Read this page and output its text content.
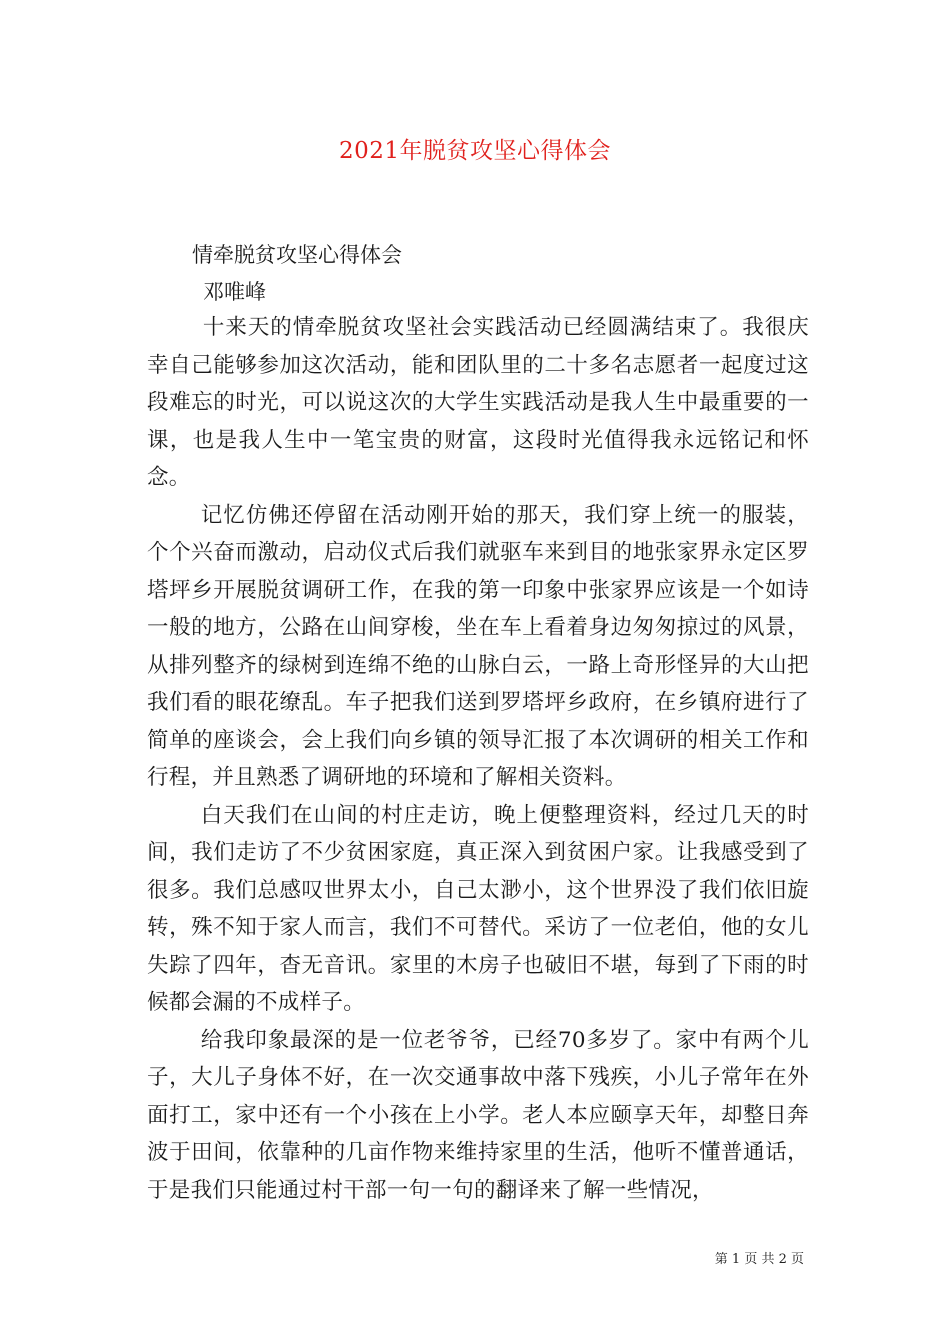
2021年脱贫攻坚心得体会
情牵脱贫攻坚心得体会
邓唯峰

十来天的情牵脱贫攻坚社会实践活动已经圆满结束了。我很庆幸自己能够参加这次活动，能和团队里的二十多名志愿者一起度过这段难忘的时光，可以说这次的大学生实践活动是我人生中最重要的一课，也是我人生中一笔宝贵的财富，这段时光值得我永远铭记和怀念。

记忆仿佛还停留在活动刚开始的那天，我们穿上统一的服装，个个兴奋而激动，启动仪式后我们就驱车来到目的地张家界永定区罗塔坪乡开展脱贫调研工作，在我的第一印象中张家界应该是一个如诗一般的地方，公路在山间穿梭，坐在车上看着身边匆匆掠过的风景，从排列整齐的绿树到连绵不绝的山脉白云，一路上奇形怪异的大山把我们看的眼花缭乱。车子把我们送到罗塔坪乡政府，在乡镇府进行了简单的座谈会，会上我们向乡镇的领导汇报了本次调研的相关工作和行程，并且熟悉了调研地的环境和了解相关资料。

白天我们在山间的村庄走访，晚上便整理资料，经过几天的时间，我们走访了不少贫困家庭，真正深入到贫困户家。让我感受到了很多。我们总感叹世界太小，自己太渺小，这个世界没了我们依旧旋转，殊不知于家人而言，我们不可替代。采访了一位老伯，他的女儿失踪了四年，杳无音讯。家里的木房子也破旧不堪，每到了下雨的时候都会漏的不成样子。

给我印象最深的是一位老爷爷，已经70多岁了。家中有两个儿子，大儿子身体不好，在一次交通事故中落下残疾，小儿子常年在外面打工，家中还有一个小孩在上小学。老人本应颐享天年，却整日奔波于田间，依靠种的几亩作物来维持家里的生活，他听不懂普通话，于是我们只能通过村干部一句一句的翻译来了解一些情况，

第 1 页 共 2 页
